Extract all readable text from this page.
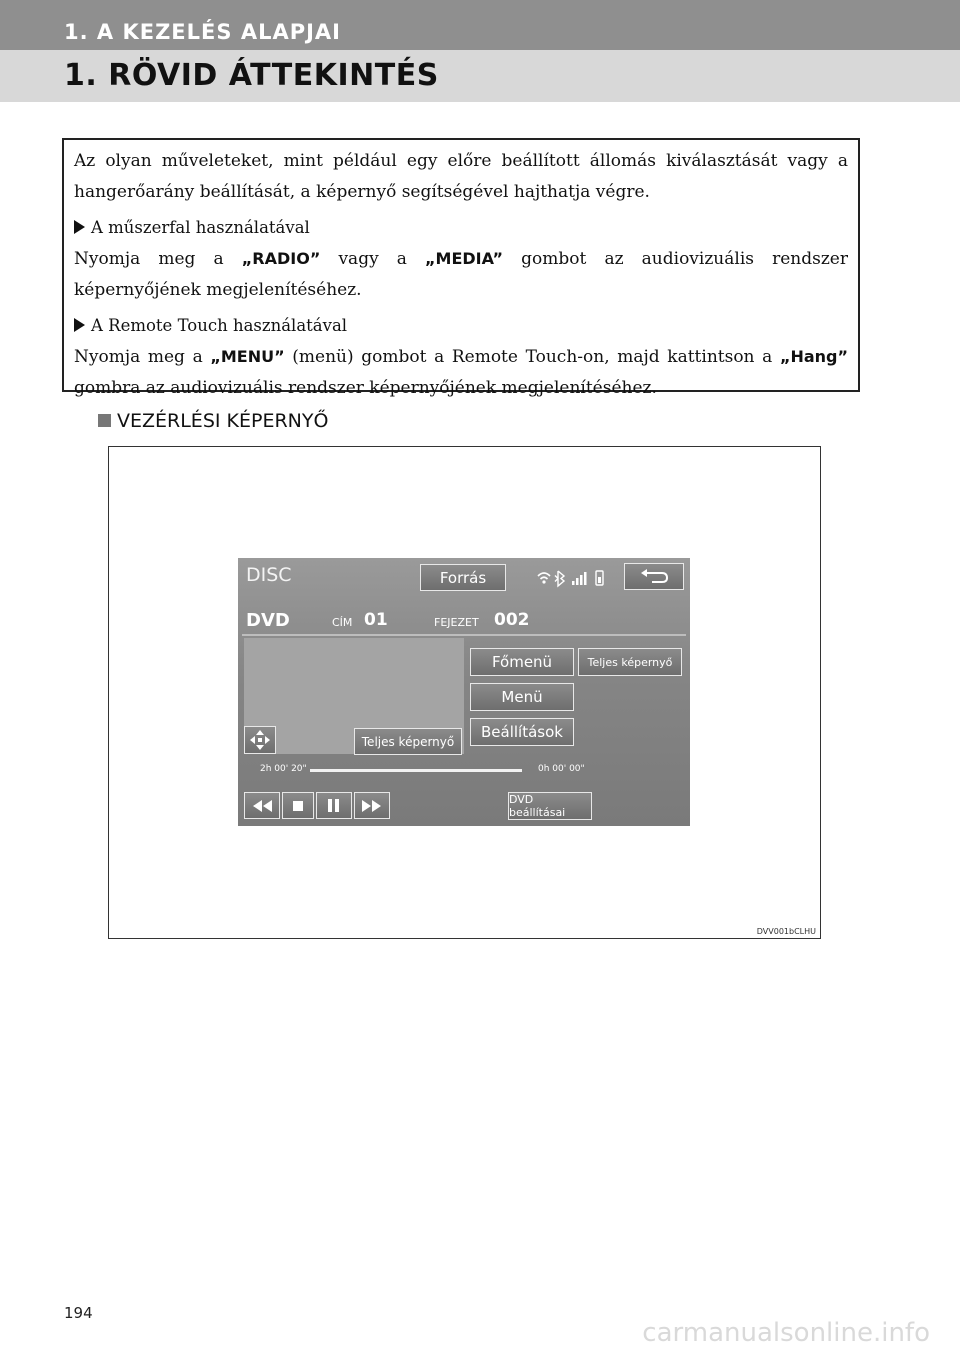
1. A KEZELÉS ALAPJAI
1. RÖVID ÁTTEKINTÉS

Az olyan műveleteket, mint például egy előre beállított állomás kiválasztását vagy a hangerőarány beállítását, a képernyő segítségével hajthatja végre.

A műszerfal használatával

Nyomja meg a „RADIO” vagy a „MEDIA” gombot az audiovizuális rendszer képernyőjének megjelenítéséhez.

A Remote Touch használatával

Nyomja meg a „MENU” (menü) gombot a Remote Touch-on, majd kattintson a „Hang” gombra az audiovizuális rendszer képernyőjének megjelenítéséhez.

VEZÉRLÉSI KÉPERNYŐ
DVV001bCLHU
DISC	Forrás
DVD	CÍM 01	FEJEZET 002
Teljes képernyő
Főmenü	Teljes képernyő
Menü
Beállítások
2h 00' 20"	0h 00' 00"
DVD beállításai
194
carmanualsonline.info
